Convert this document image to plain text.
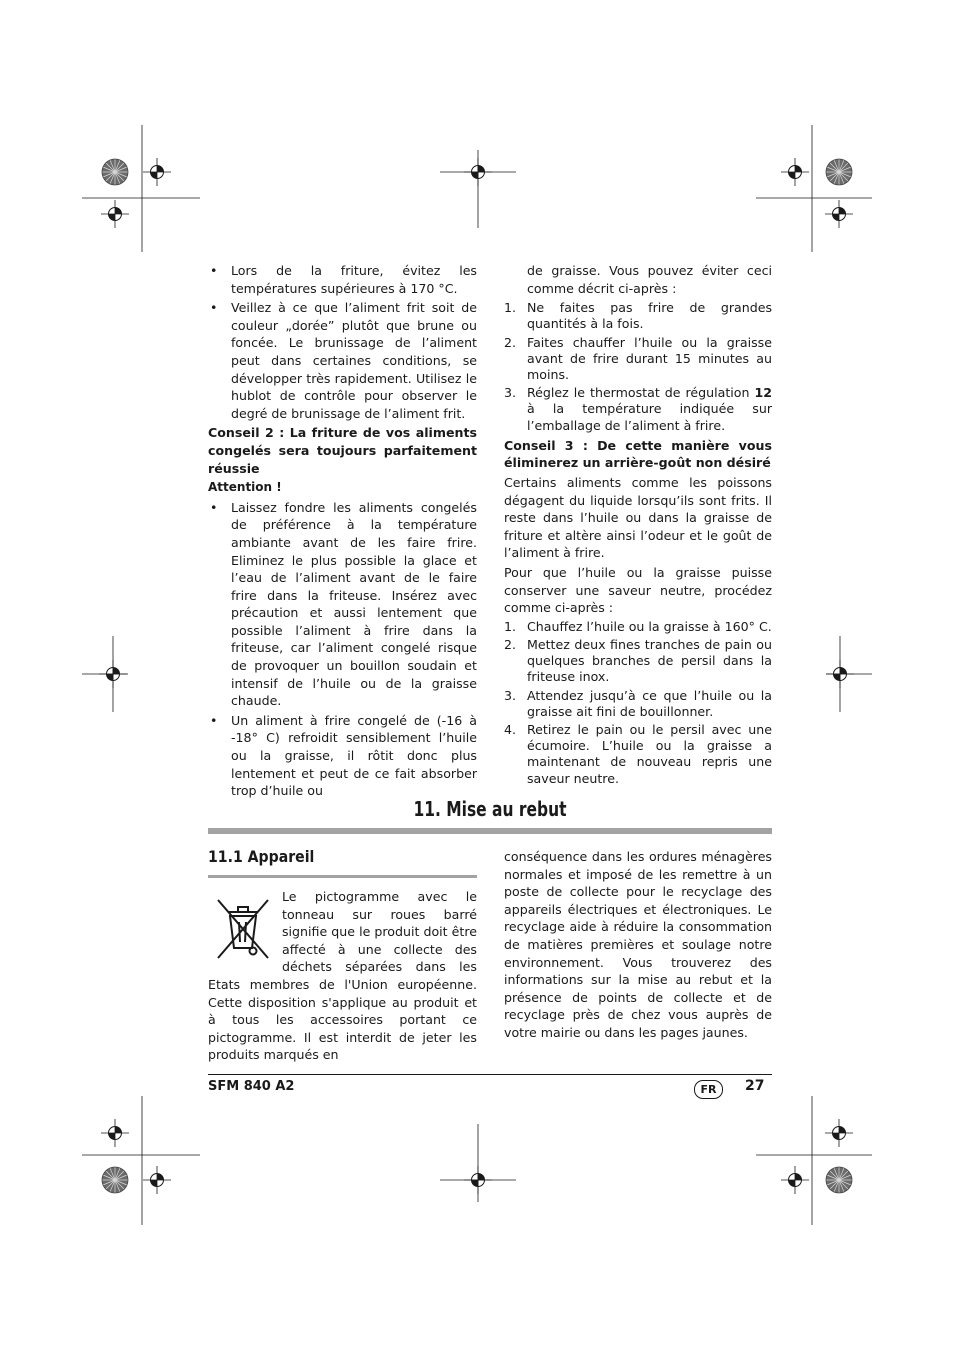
• Lors de la friture, évitez les températures supérieures à 170 °C.
• Veillez à ce que l’aliment frit soit de couleur „dorée” plutôt que brune ou foncée. Le brunissage de l’aliment peut dans certaines conditions, se développer très rapidement. Utilisez le hublot de contrôle pour observer le degré de brunissage de l’aliment frit.

Conseil 2 : La friture de vos aliments congelés sera toujours parfaitement réussie

Attention !

• Laissez fondre les aliments congelés de préférence à la température ambiante avant de les faire frire. Eliminez le plus possible la glace et l’eau de l’aliment avant de le faire frire dans la friteuse. Insérez avec précaution et aussi lentement que possible l’aliment à frire dans la friteuse, car l’aliment congelé risque de provoquer un bouillon soudain et intensif de l’huile ou de la graisse chaude.
• Un aliment à frire congelé de (-16 à -18° C) refroidit sensiblement l’huile ou la graisse, il rôtit donc plus lentement et peut de ce fait absorber trop d’huile ou

de graisse. Vous pouvez éviter ceci comme décrit ci-après :

1. Ne faites pas frire de grandes quantités à la fois.
2. Faites chauffer l’huile ou la graisse avant de frire durant 15 minutes au moins.
3. Réglez le thermostat de régulation 12 à la température indiquée sur l’emballage de l’aliment à frire.

Conseil 3 : De cette manière vous éliminerez un arrière-goût non désiré

Certains aliments comme les poissons dégagent du liquide lorsqu’ils sont frits. Il reste dans l’huile ou dans la graisse de friture et altère ainsi l’odeur et le goût de l’aliment à frire.

Pour que l’huile ou la graisse puisse conserver une saveur neutre, procédez comme ci-après :

1. Chauffez l’huile ou la graisse à 160° C.
2. Mettez deux fines tranches de pain ou quelques branches de persil dans la friteuse inox.
3. Attendez jusqu’à ce que l’huile ou la graisse ait fini de bouillonner.
4. Retirez le pain ou le persil avec une écumoire. L’huile ou la graisse a maintenant de nouveau repris une saveur neutre.
11. Mise au rebut
11.1 Appareil

Le pictogramme avec le tonneau sur roues barré signifie que le produit doit être affecté à une collecte des déchets séparées dans les Etats membres de l'Union européenne. Cette disposition s'applique au produit et à tous les accessoires portant ce pictogramme. Il est interdit de jeter les produits marqués en

conséquence dans les ordures ménagères normales et imposé de les remettre à un poste de collecte pour le recyclage des appareils électriques et électroniques. Le recyclage aide à réduire la consommation de matières premières et soulage notre environnement. Vous trouverez des informations sur la mise au rebut et la présence de points de collecte et de recyclage près de chez vous auprès de votre mairie ou dans les pages jaunes.

SFM 840 A2	FR	27
